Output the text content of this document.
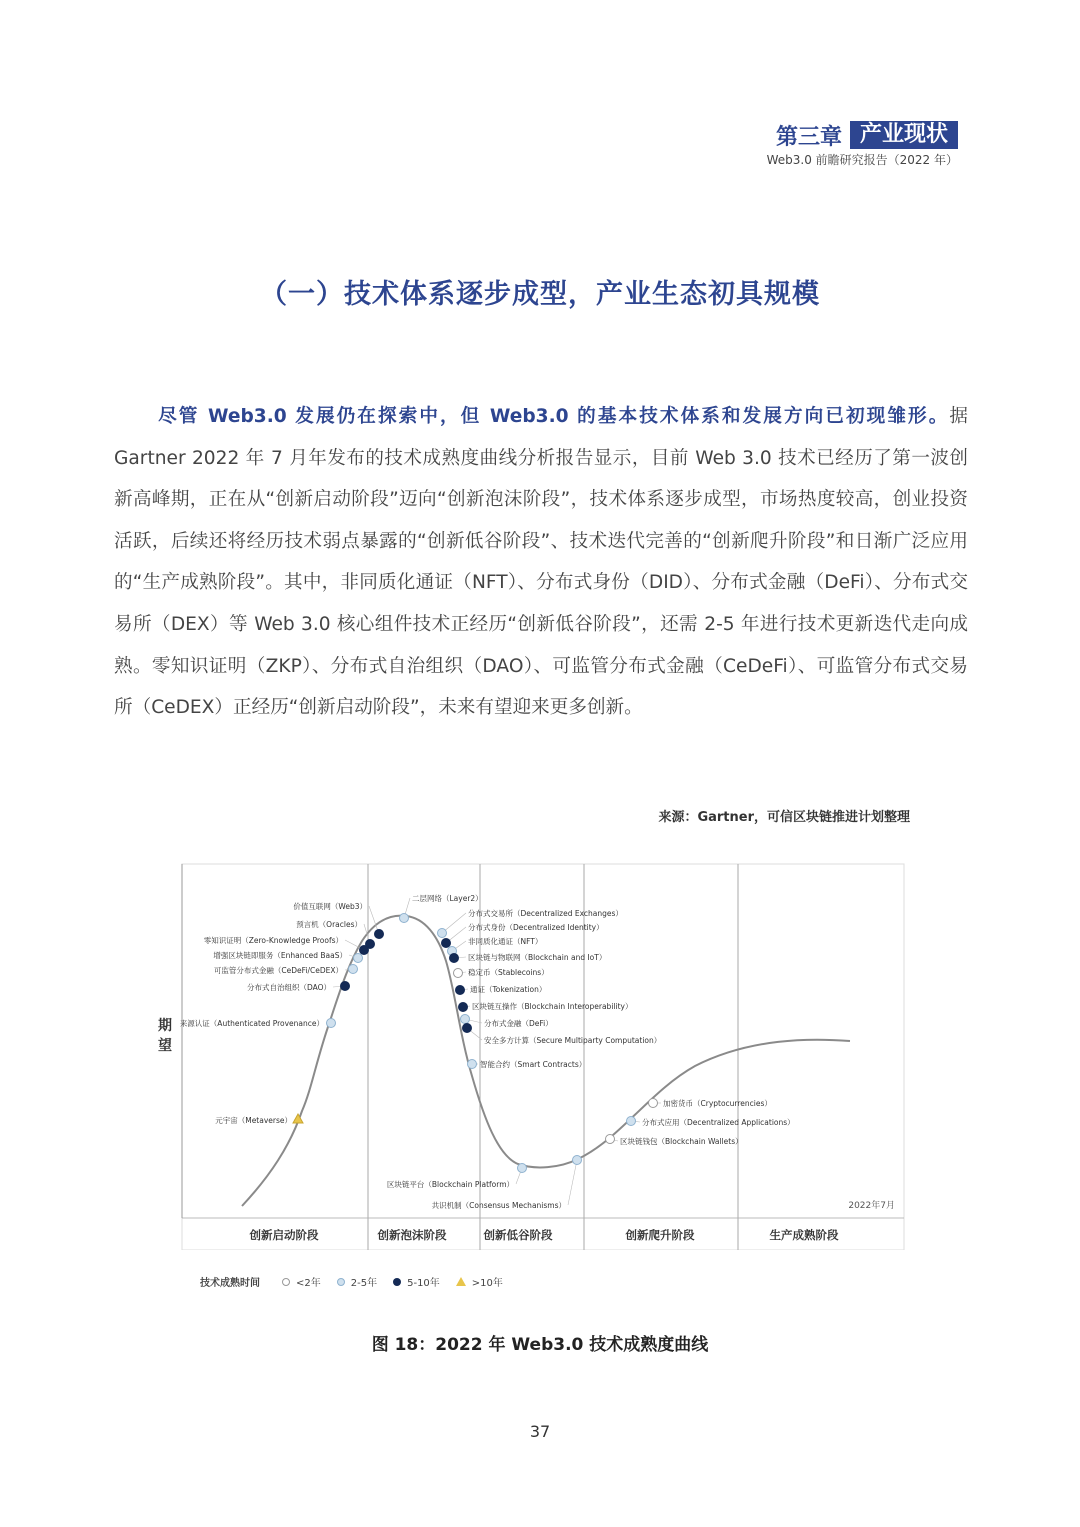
第三章 产业现状
Web3.0 前瞻研究报告（2022 年）
（一）技术体系逐步成型，产业生态初具规模
尽管 Web3.0 发展仍在探索中，但 Web3.0 的基本技术体系和发展方向已初现雏形。据 Gartner 2022 年 7 月年发布的技术成熟度曲线分析报告显示，目前 Web 3.0 技术已经历了第一波创新高峰期，正在从“创新启动阶段”迈向“创新泡沫阶段”，技术体系逐步成型，市场热度较高，创业投资活跃，后续还将经历技术弱点暴露的“创新低谷阶段”、技术迭代完善的“创新爬升阶段”和日渐广泛应用的“生产成熟阶段”。其中，非同质化通证（NFT）、分布式身份（DID）、分布式金融（DeFi）、分布式交易所（DEX）等 Web 3.0 核心组件技术正经历“创新低谷阶段”，还需 2-5 年进行技术更新迭代走向成熟。零知识证明（ZKP）、分布式自治组织（DAO）、可监管分布式金融（CeDeFi）、可监管分布式交易所（CeDEX）正经历“创新启动阶段”，未来有望迎来更多创新。
来源：Gartner，可信区块链推进计划整理
期望
创新启动阶段	创新泡沫阶段	创新低谷阶段	创新爬升阶段	生产成熟阶段
元宇宙（Metaverse）
来源认证（Authenticated Provenance）
分布式自治组织（DAO）
可监管分布式金融（CeDeFi/CeDEX）
增强区块链即服务（Enhanced BaaS）
零知识证明（Zero-Knowledge Proofs）
预言机（Oracles）
价值互联网（Web3）
二层网络（Layer2）
分布式交易所（Decentralized Exchanges）
分布式身份（Decentralized Identity）
非同质化通证（NFT）
区块链与物联网（Blockchain and IoT）
稳定币（Stablecoins）
通证（Tokenization）
区块链互操作（Blockchain Interoperability）
分布式金融（DeFi）
安全多方计算（Secure Multiparty Computation）
智能合约（Smart Contracts）
区块链平台（Blockchain Platform）
共识机制（Consensus Mechanisms）
区块链钱包（Blockchain Wallets）
分布式应用（Decentralized Applications）
加密货币（Cryptocurrencies）
2022年7月
技术成熟时间	<2年	2-5年	5-10年	>10年
图 18：2022 年 Web3.0 技术成熟度曲线
37
